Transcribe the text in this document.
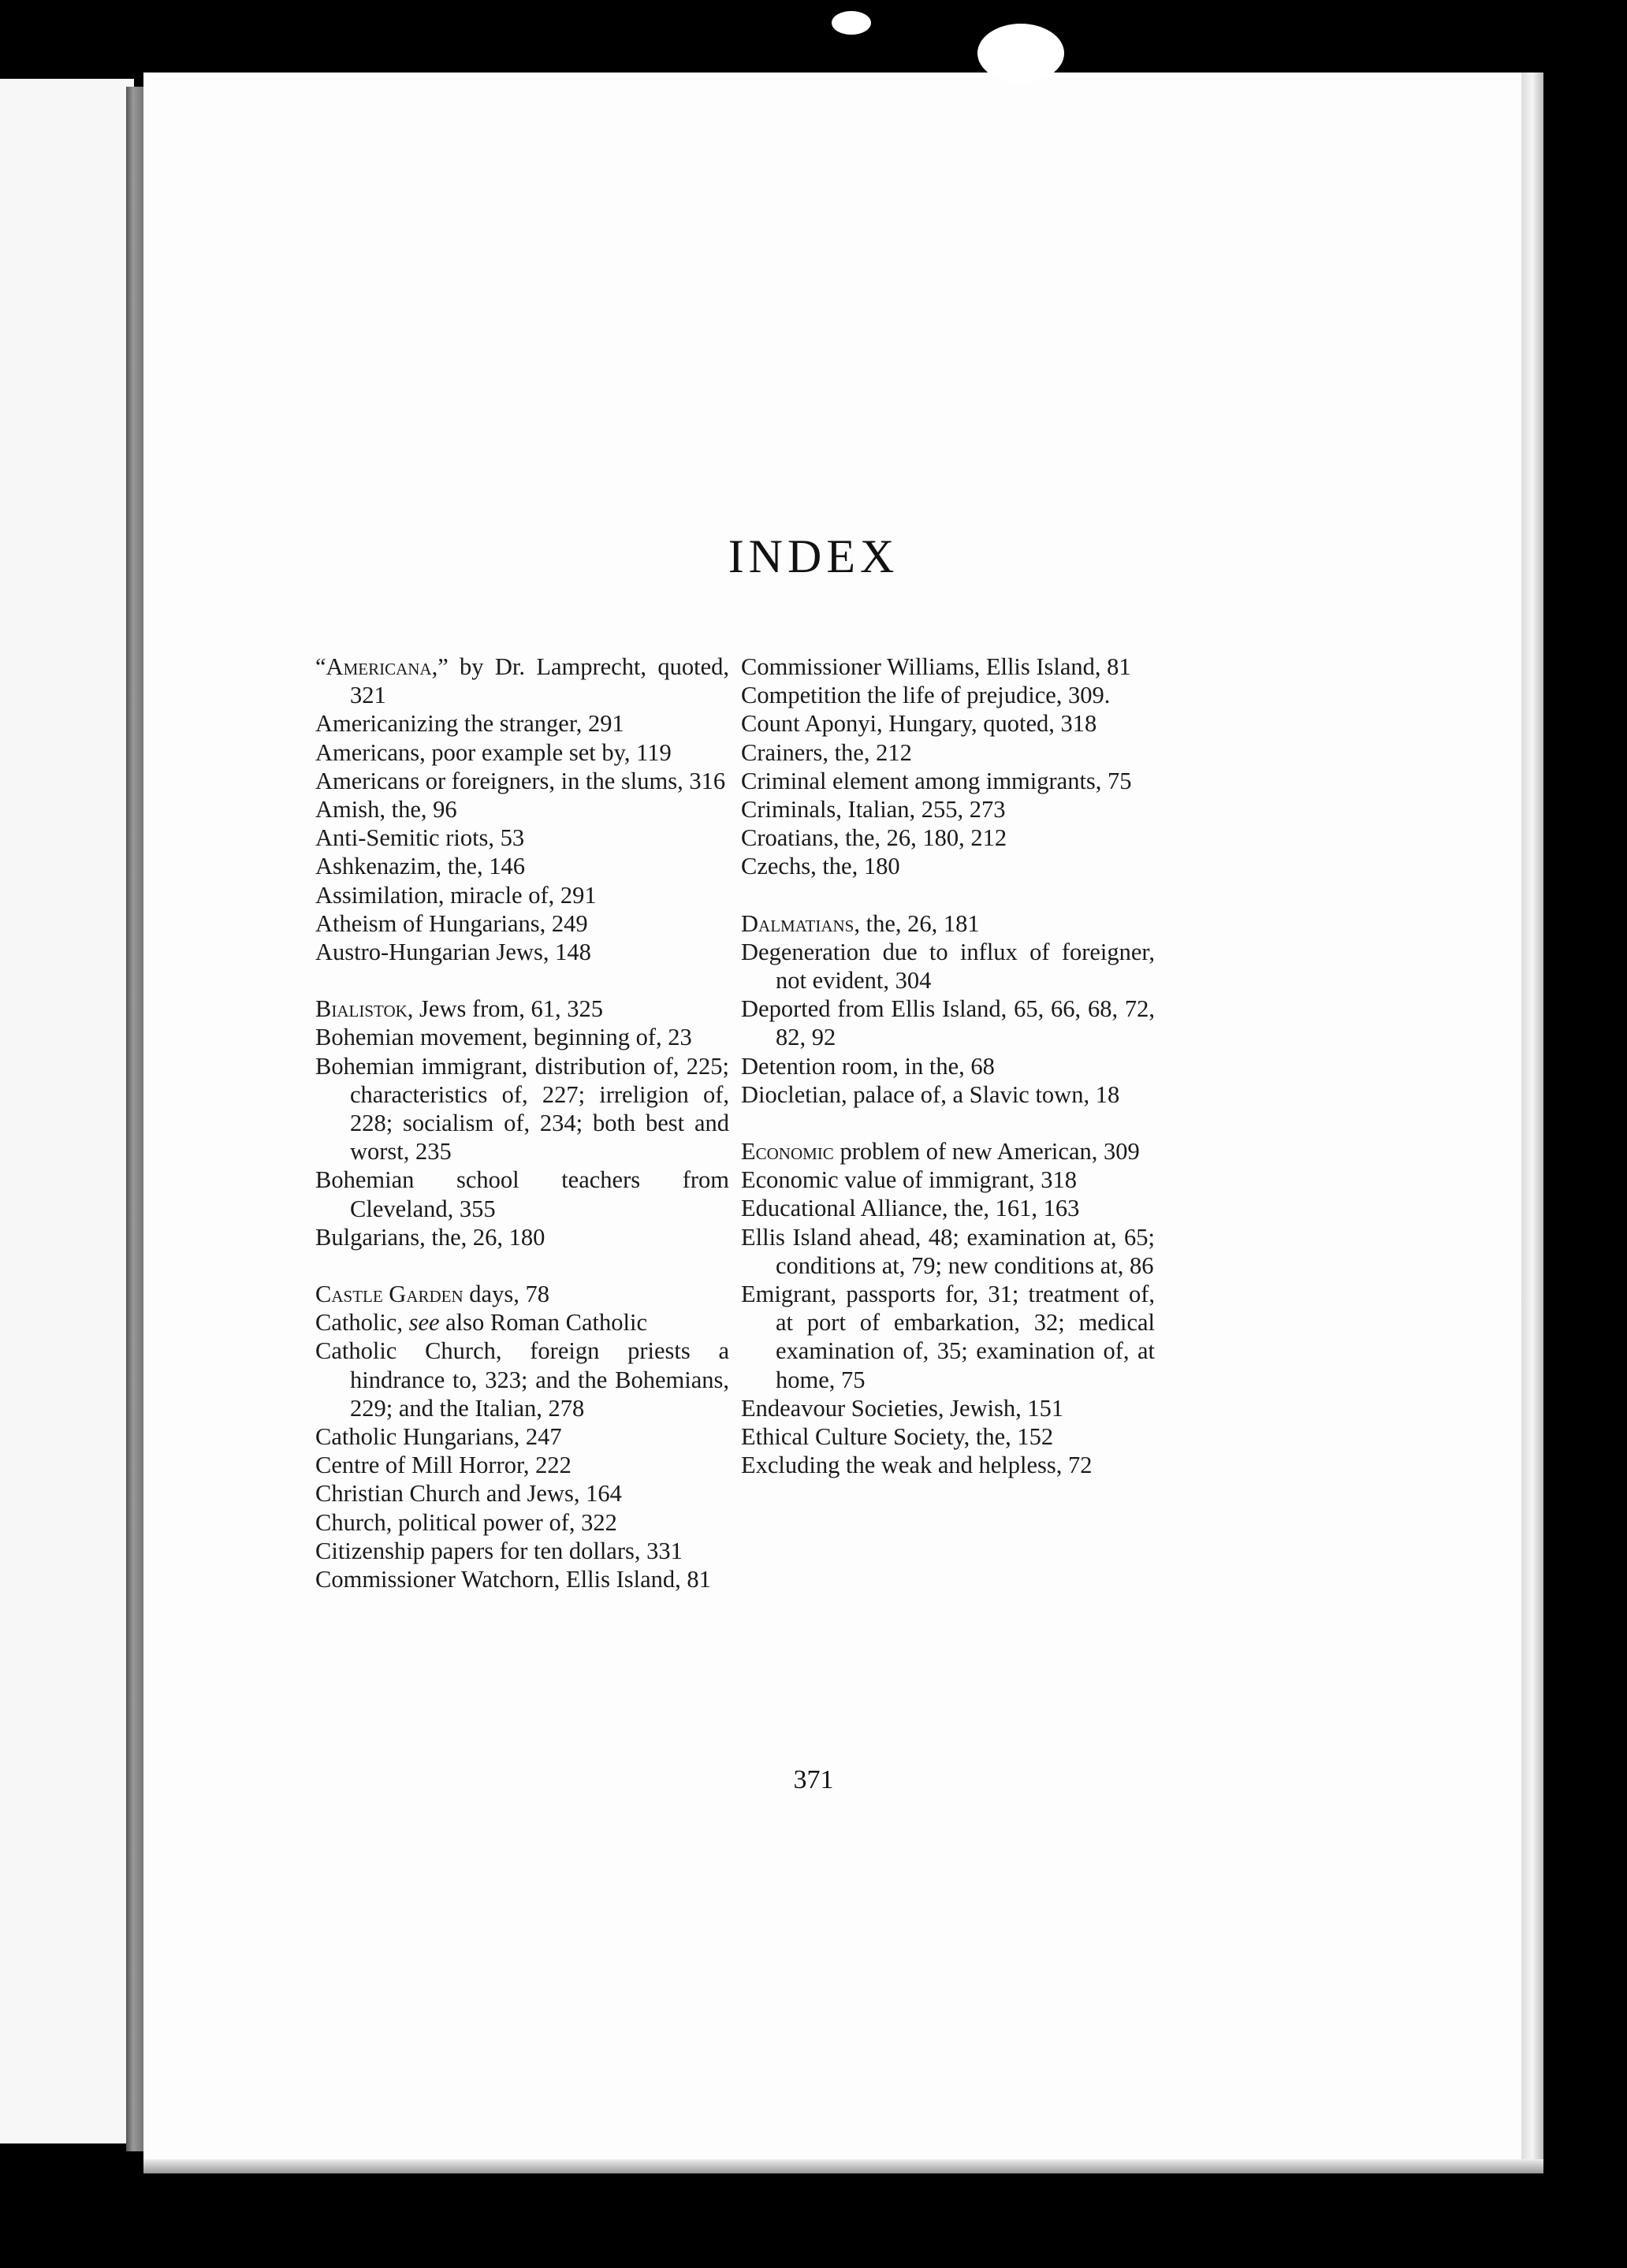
INDEX
“Americana,” by Dr. Lamprecht, quoted, 321
Americanizing the stranger, 291
Americans, poor example set by, 119
Americans or foreigners, in the slums, 316
Amish, the, 96
Anti-Semitic riots, 53
Ashkenazim, the, 146
Assimilation, miracle of, 291
Atheism of Hungarians, 249
Austro-Hungarian Jews, 148
Bialistok, Jews from, 61, 325
Bohemian movement, beginning of, 23
Bohemian immigrant, distribution of, 225; characteristics of, 227; irreligion of, 228; socialism of, 234; both best and worst, 235
Bohemian school teachers from Cleveland, 355
Bulgarians, the, 26, 180
Castle Garden days, 78
Catholic, see also Roman Catholic
Catholic Church, foreign priests a hindrance to, 323; and the Bohemians, 229; and the Italian, 278
Catholic Hungarians, 247
Centre of Mill Horror, 222
Christian Church and Jews, 164
Church, political power of, 322
Citizenship papers for ten dollars, 331
Commissioner Watchorn, Ellis Island, 81
Commissioner Williams, Ellis Island, 81
Competition the life of prejudice, 309.
Count Aponyi, Hungary, quoted, 318
Crainers, the, 212
Criminal element among immigrants, 75
Criminals, Italian, 255, 273
Croatians, the, 26, 180, 212
Czechs, the, 180
Dalmatians, the, 26, 181
Degeneration due to influx of foreigner, not evident, 304
Deported from Ellis Island, 65, 66, 68, 72, 82, 92
Detention room, in the, 68
Diocletian, palace of, a Slavic town, 18
Economic problem of new American, 309
Economic value of immigrant, 318
Educational Alliance, the, 161, 163
Ellis Island ahead, 48; examination at, 65; conditions at, 79; new conditions at, 86
Emigrant, passports for, 31; treatment of, at port of embarkation, 32; medical examination of, 35; examination of, at home, 75
Endeavour Societies, Jewish, 151
Ethical Culture Society, the, 152
Excluding the weak and helpless, 72
371
